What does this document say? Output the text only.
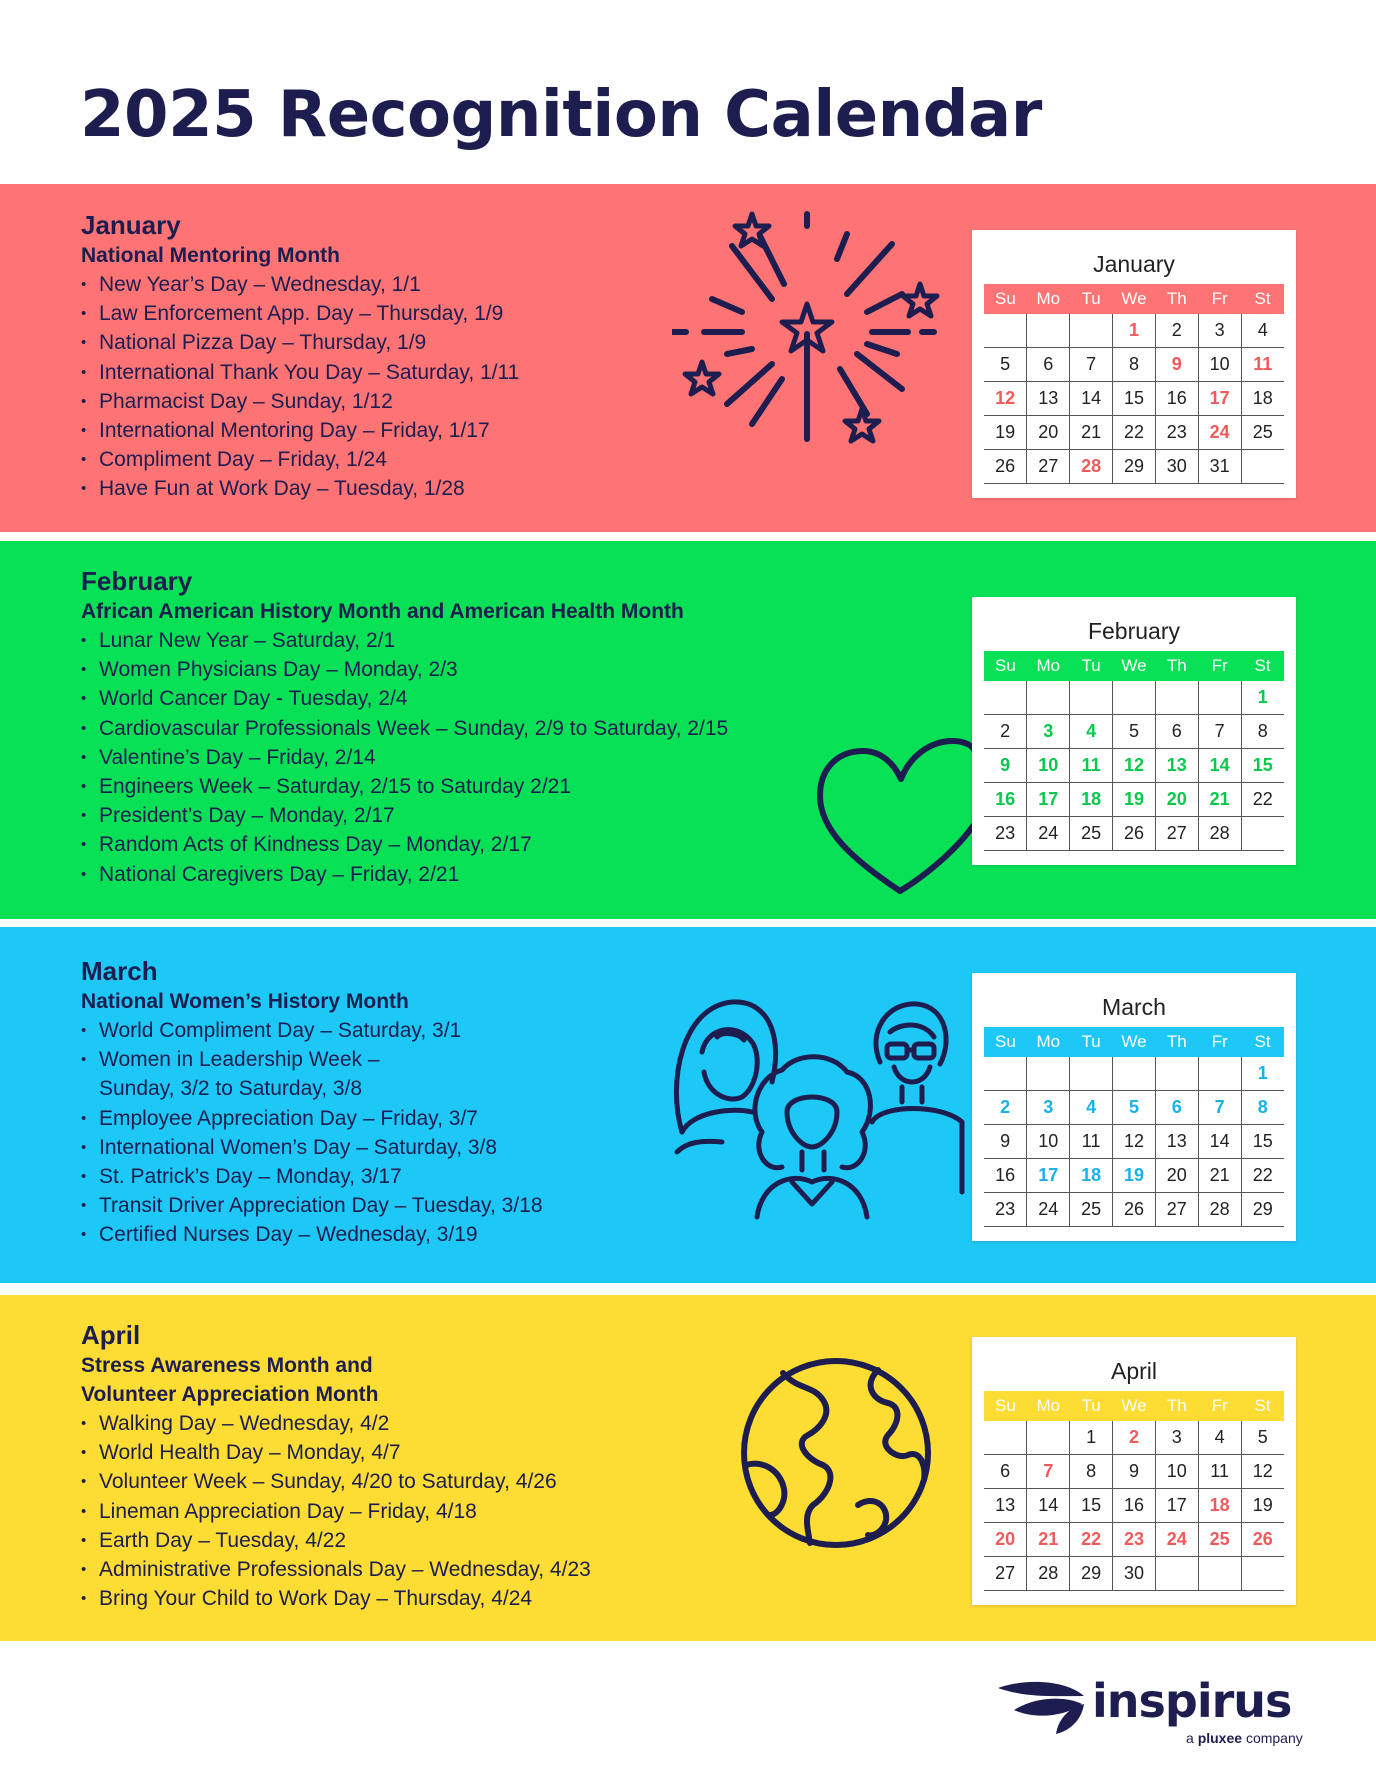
2025 Recognition Calendar
January
National Mentoring Month
• New Year’s Day – Wednesday, 1/1
• Law Enforcement App. Day – Thursday, 1/9
• National Pizza Day – Thursday, 1/9
• International Thank You Day – Saturday, 1/11
• Pharmacist Day – Sunday, 1/12
• International Mentoring Day – Friday, 1/17
• Compliment Day – Friday, 1/24
• Have Fun at Work Day – Tuesday, 1/28
January
Su	Mo	Tu	We	Th	Fr	St
			1	2	3	4
5	6	7	8	9	10	11
12	13	14	15	16	17	18
19	20	21	22	23	24	25
26	27	28	29	30	31	
February
African American History Month and American Health Month
• Lunar New Year – Saturday, 2/1
• Women Physicians Day – Monday, 2/3
• World Cancer Day - Tuesday, 2/4
• Cardiovascular Professionals Week – Sunday, 2/9 to Saturday, 2/15
• Valentine’s Day – Friday, 2/14
• Engineers Week – Saturday, 2/15 to Saturday 2/21
• President’s Day – Monday, 2/17
• Random Acts of Kindness Day – Monday, 2/17
• National Caregivers Day – Friday, 2/21
February
Su	Mo	Tu	We	Th	Fr	St
						1
2	3	4	5	6	7	8
9	10	11	12	13	14	15
16	17	18	19	20	21	22
23	24	25	26	27	28	
March
National Women’s History Month
• World Compliment Day – Saturday, 3/1
• Women in Leadership Week –
Sunday, 3/2 to Saturday, 3/8
• Employee Appreciation Day – Friday, 3/7
• International Women’s Day – Saturday, 3/8
• St. Patrick’s Day – Monday, 3/17
• Transit Driver Appreciation Day – Tuesday, 3/18
• Certified Nurses Day – Wednesday, 3/19
March
Su	Mo	Tu	We	Th	Fr	St
						1
2	3	4	5	6	7	8
9	10	11	12	13	14	15
16	17	18	19	20	21	22
23	24	25	26	27	28	29
April
Stress Awareness Month and
Volunteer Appreciation Month
• Walking Day – Wednesday, 4/2
• World Health Day – Monday, 4/7
• Volunteer Week – Sunday, 4/20 to Saturday, 4/26
• Lineman Appreciation Day – Friday, 4/18
• Earth Day – Tuesday, 4/22
• Administrative Professionals Day – Wednesday, 4/23
• Bring Your Child to Work Day – Thursday, 4/24
April
Su	Mo	Tu	We	Th	Fr	St
		1	2	3	4	5
6	7	8	9	10	11	12
13	14	15	16	17	18	19
20	21	22	23	24	25	26
27	28	29	30			
inspirus
a pluxee company
